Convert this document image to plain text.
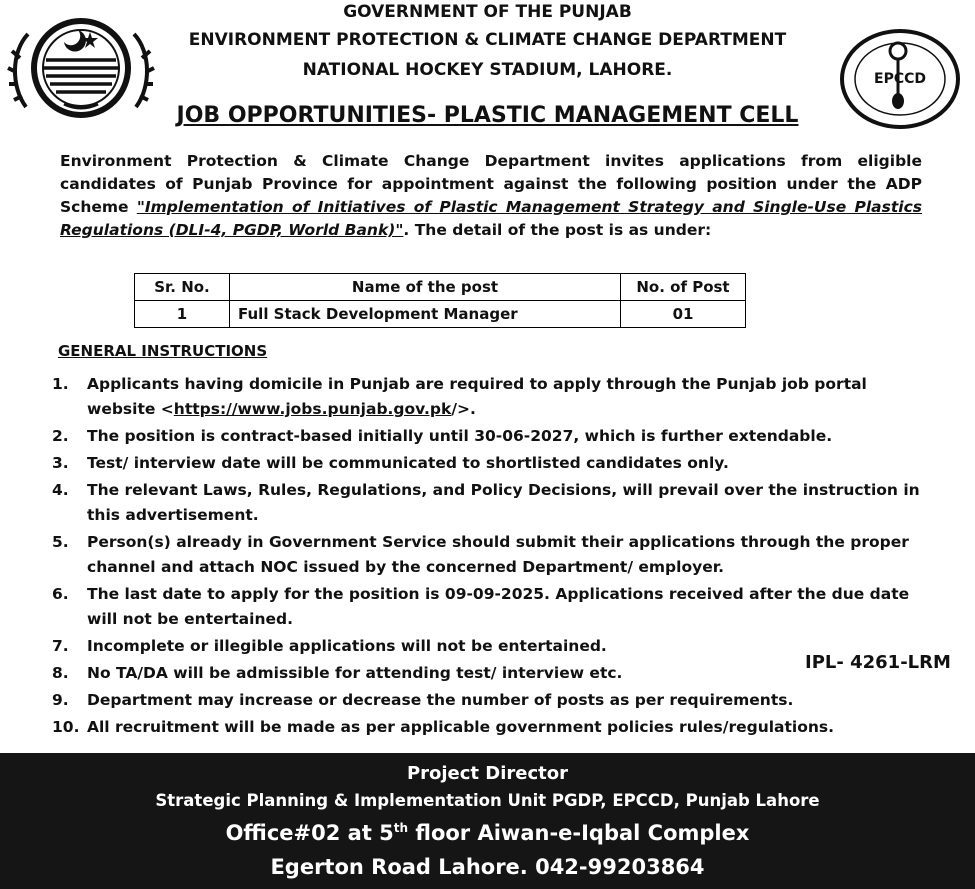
EPCCD
GOVERNMENT OF THE PUNJAB
ENVIRONMENT PROTECTION & CLIMATE CHANGE DEPARTMENT
NATIONAL HOCKEY STADIUM, LAHORE.
JOB OPPORTUNITIES- PLASTIC MANAGEMENT CELL
Environment Protection & Climate Change Department invites applications from eligible candidates of Punjab Province for appointment against the following position under the ADP Scheme "Implementation of Initiatives of Plastic Management Strategy and Single-Use Plastics Regulations (DLI-4, PGDP, World Bank)". The detail of the post is as under:
Sr. No.	Name of the post	No. of Post
1	Full Stack Development Manager	01
GENERAL INSTRUCTIONS
1.	Applicants having domicile in Punjab are required to apply through the Punjab job portal website <https://www.jobs.punjab.gov.pk/>.
2.	The position is contract-based initially until 30-06-2027, which is further extendable.
3.	Test/ interview date will be communicated to shortlisted candidates only.
4.	The relevant Laws, Rules, Regulations, and Policy Decisions, will prevail over the instruction in this advertisement.
5.	Person(s) already in Government Service should submit their applications through the proper channel and attach NOC issued by the concerned Department/ employer.
6.	The last date to apply for the position is 09-09-2025. Applications received after the due date will not be entertained.
7.	Incomplete or illegible applications will not be entertained.
8.	No TA/DA will be admissible for attending test/ interview etc.
9.	Department may increase or decrease the number of posts as per requirements.
10. All recruitment will be made as per applicable government policies rules/regulations.
IPL- 4261-LRM
Project Director
Strategic Planning & Implementation Unit PGDP, EPCCD, Punjab Lahore
Office#02 at 5th floor Aiwan-e-Iqbal Complex
Egerton Road Lahore. 042-99203864
